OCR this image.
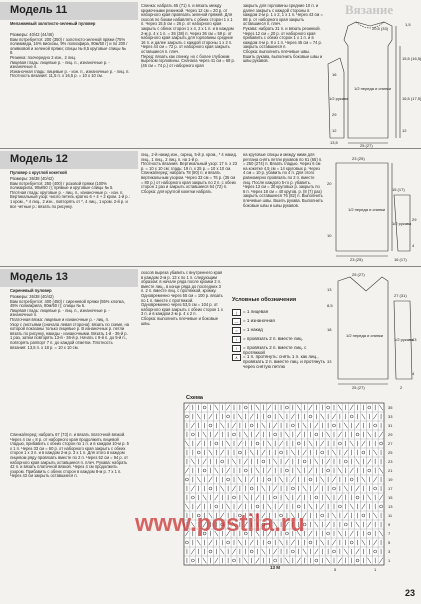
Модель 11
Меланжевый золотисто-зеленый пуловер
Размеры: 40/42 (44/46)
Вам потребуется: 200 (350) г золотисто-зеленой пряжи (75% полиамида, 16% вискозы, 9% полиэфира, 90м/50 г) и по 200 г оливковой и зеленой пряжи; спицы № 8,5 круговые спицы № 8.
Резинка: поочередно 2 изн., 2 лиц.
Лицевая гладь: лицевые р. - лиц. п., изнаночные р. - изнаночные п.
Изнаночная гладь: лицевые р. - изн. п., изнаночные р. - лиц. п.
Плотность вязания: 11,5 п. x 16,5 р. = 10 x 10 см.
Спинка: набрать 65 (71) п. и вязать между кромочными резинкой. Через 12 см = 20 р. от наборного края провязать зеленой пряжей. Для скосов по бокам набавлять с обеих сторон 1 x 1 п. Через 15,5 см = 26 р. от наборного края закрыть с обеих сторон 1 x 4, 2 x 1 п. и в каждом 2-м р. 4 x 1 п. = 36 (38) п. Через 36 см = 59 р. от наборного края закрыть для горловины средние 16 п. и далее закрыть с каждой стороны 1 x 2 п. Через 44 см = 72 р. от наборного края закрыть оставшиеся п. плеч.
Перед: вязать как спинку, но с более глубоким вырезом горловины. Сначала через 41 см = 68 р. (45 см = 74 р.) от наборного края
закрыть для горловины средние 10 п. и далее закрыть с каждой стороны в каждом 2-м р. 1 x 2, 1 x 1 п. Через 43 см = 68 р. от наборного края закрыть оставшиеся п. плеч.
Рукава: набрать 31 п. и вязать резинкой. Через 12 см = 20 р. от наборного края прибавить с обеих сторон 1 x 1 п. и в каждом 4-м р. 8 x 1 п. Через 45 см = 74 р. закрыть оставшиеся п.
Сборка: выполнить плечевые швы. Вшить рукава, выполнить боковые швы и швы рукавов.
Вязание
20,5 (33)
1,5
1/2 переда и спинки
1/2 рукава
25 (27)
15,5 (16,5)
16,5 (17,5)
12
16
29
12
13,5
Модель 12
Пуловер с круглой кокеткой
Размеры: 36/38 (40/42)
Вам потребуется: 250 (400) г розовой пряжи (100% полиакрила, 90м/50 г); прямые и круговые спицы № 5.
Плотная гладь: круговые р. - лиц. п., изнаночные р. - изн. п.
Вертикальный узор: число петель кратно 6 + 4 + 2 кром. 1-й р.: 1 кром., * 4 лиц., 2 изн., повторять от *, 4 лиц., 1 кром. 2-й р. и все четные р.: вязать по рисунку.
лиц., 2-й накид изн., скрещ. 5-й р. кром., * 4 накид. лиц., 1 лиц., 2 лиц. п. на 1-й р.
Плотность вязания. Вертикальный узор: 17 п. x 23 р. = 10 x 10 см; гладь: 19 п. x 25 р. = 10 x 10 см.
Спинка/перед: набрать 78 (80) п. и вязать вертикальным узором. Через 33 см = 76 р. (35 см = 80 р.) от наборного края закрыть по 2 п. с обеих сторон 1 раз и закрыть оставшиеся 64 (72) п.
Сборка: для круглой кокетки набрать
на круговые спицы и между ними для реглана снять петли рукавов по 61 (65) п. = 250 (274) п. Вязать гладью. Через 6 см на кокетке 4,5 см = 14 круговых р. Через 4 см = 10 р. убавить по 4 п. Для этого равномерно провязать по 2 п. вместе лиц. После каждого 5-го р. убавить. Через 13 см = 30 круговых р. закрыть по 6 п. Через 18 см = 40 кругов. р. (8 (7) раз) закрыть оставшиеся 76 (82) п. Выполнить плечевые швы. Вшить рукава. Выполнить боковые швы и швы рукавов.
23 (25)
20
10
1/2 переда и спинки
1/2 рукава
23 (25)	16 (17)
29
4
15 (17)
Модель 13
Сиреневый пуловер
Размеры: 36/38 (40/42)
Вам потребуется: 400 (450) г сиреневой пряжи (55% хлопка, 45% полиакрила, 90м/50 г); спицы № 6.
Лицевая гладь: лицевые р. - лиц. п., изнаночные р. - изнаночные п.
Платочная вязка: лицевые и изнаночные р. - лиц. п.
Узор с листьями (сначала левая сторона): вязать по схеме, на которой показаны только лицевые р. В изнаночных р. петли вязать по рисунку, накиды - изнаночными. Вязать 1-й - 36-й р. 1 раз, затем повторять 13-й - 36-й р. Начать с 8-й п. до 5-й п., повторять раппорт 7 п. до каждой отметки. Плотность вязания: 13,5 п. x 18 р. = 10 x 10 см.
Спинка/перед: набрать 67 (73) п. и вязать платочной вязкой. Через 4 см = 8 р. от наборного края продолжить лицевой гладью, прибавить с обеих сторон по 1 п. и в каждом 10-м р. 5 x 1 п. Через 33 см = 60 р. от наборного края закрыть с обеих сторон 1 x 3 п. и в каждом 2-м р. 3 x 1 п. Для этого в каждом лицевом ряду провязать вместе по 2 п. Через 52 см = 94 р. от наборного края закрыть оставшиеся п. плеч. Рукава: набрать 42 п. и вязать платочной вязкой. Через 4 см продолжить узором. Прибавить с обеих сторон в каждом 8-м р. 7 x 1 п. Через 43 см закрыть оставшиеся п.
скосов выреза убавить с внутреннего края в каждом 2-м р. 13 x по 1 п. следующим образом: в начале ряда после кромки 2 п. вместе лиц., в конце ряда до последних 3 п. 2 п. вместе лиц. с протяжкой, кромку. Одновременно через 55 см = 100 р. вязать по 1 п. вместе с протяжкой. Одновременно через 53,5 см = 104 р. от наборного края закрыть с обеих сторон 1 x 3 п. и в каждом 2-м р. 4 x 2 п.
Сборка: выполнить плечевые и боковые швы.
Условные обозначения
|	= 1 лицевая
—	= 1 изнаночная
○	= 1 накид
/	= провязать 2 п. вместе лиц.
\	= провязать 2 п. вместе лиц. с протяжкой
∧	= 1 п. протянуть: снять 1 п. как лиц., провязать 2 п. вместе лиц. и протянуть через снятую петлю
25 (27)
13
8,5
18
33
1/2 переда и спинки
1/2 рукава
25 (27)	2
43
4
27 (31)
Схема
35
33
31
29
27
25
23
21
19
17
15
13
11
9
7
5
3
1
13 М	5	1
www.postila.ru
23
